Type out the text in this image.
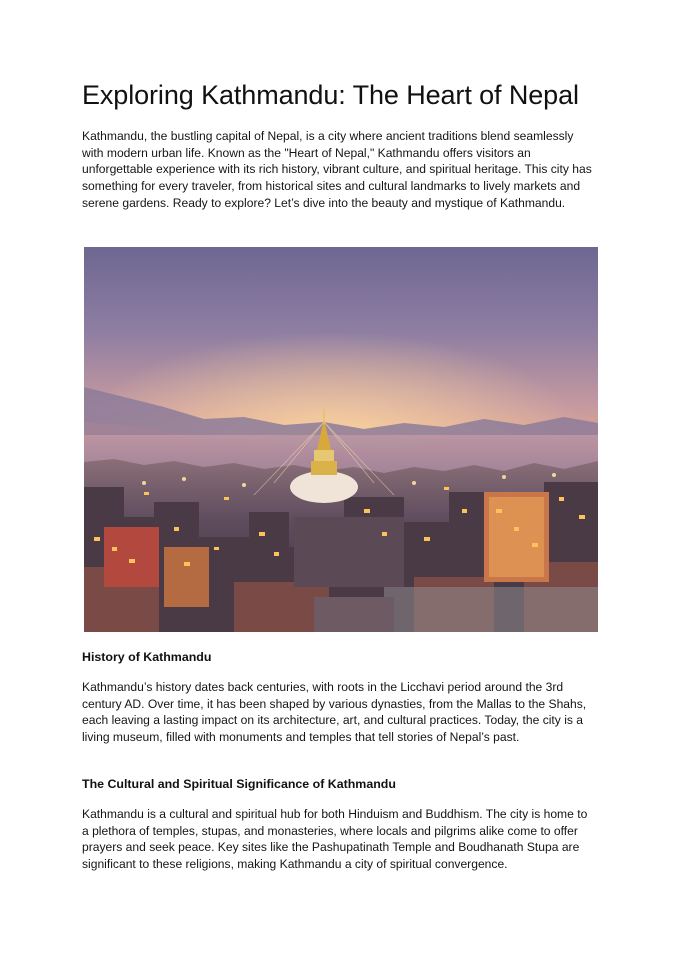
Exploring Kathmandu: The Heart of Nepal

Kathmandu, the bustling capital of Nepal, is a city where ancient traditions blend seamlessly with modern urban life. Known as the "Heart of Nepal," Kathmandu offers visitors an unforgettable experience with its rich history, vibrant culture, and spiritual heritage. This city has something for every traveler, from historical sites and cultural landmarks to lively markets and serene gardens. Ready to explore? Let’s dive into the beauty and mystique of Kathmandu.

History of Kathmandu

Kathmandu’s history dates back centuries, with roots in the Licchavi period around the 3rd century AD. Over time, it has been shaped by various dynasties, from the Mallas to the Shahs, each leaving a lasting impact on its architecture, art, and cultural practices. Today, the city is a living museum, filled with monuments and temples that tell stories of Nepal’s past.

The Cultural and Spiritual Significance of Kathmandu

Kathmandu is a cultural and spiritual hub for both Hinduism and Buddhism. The city is home to a plethora of temples, stupas, and monasteries, where locals and pilgrims alike come to offer prayers and seek peace. Key sites like the Pashupatinath Temple and Boudhanath Stupa are significant to these religions, making Kathmandu a city of spiritual convergence.
